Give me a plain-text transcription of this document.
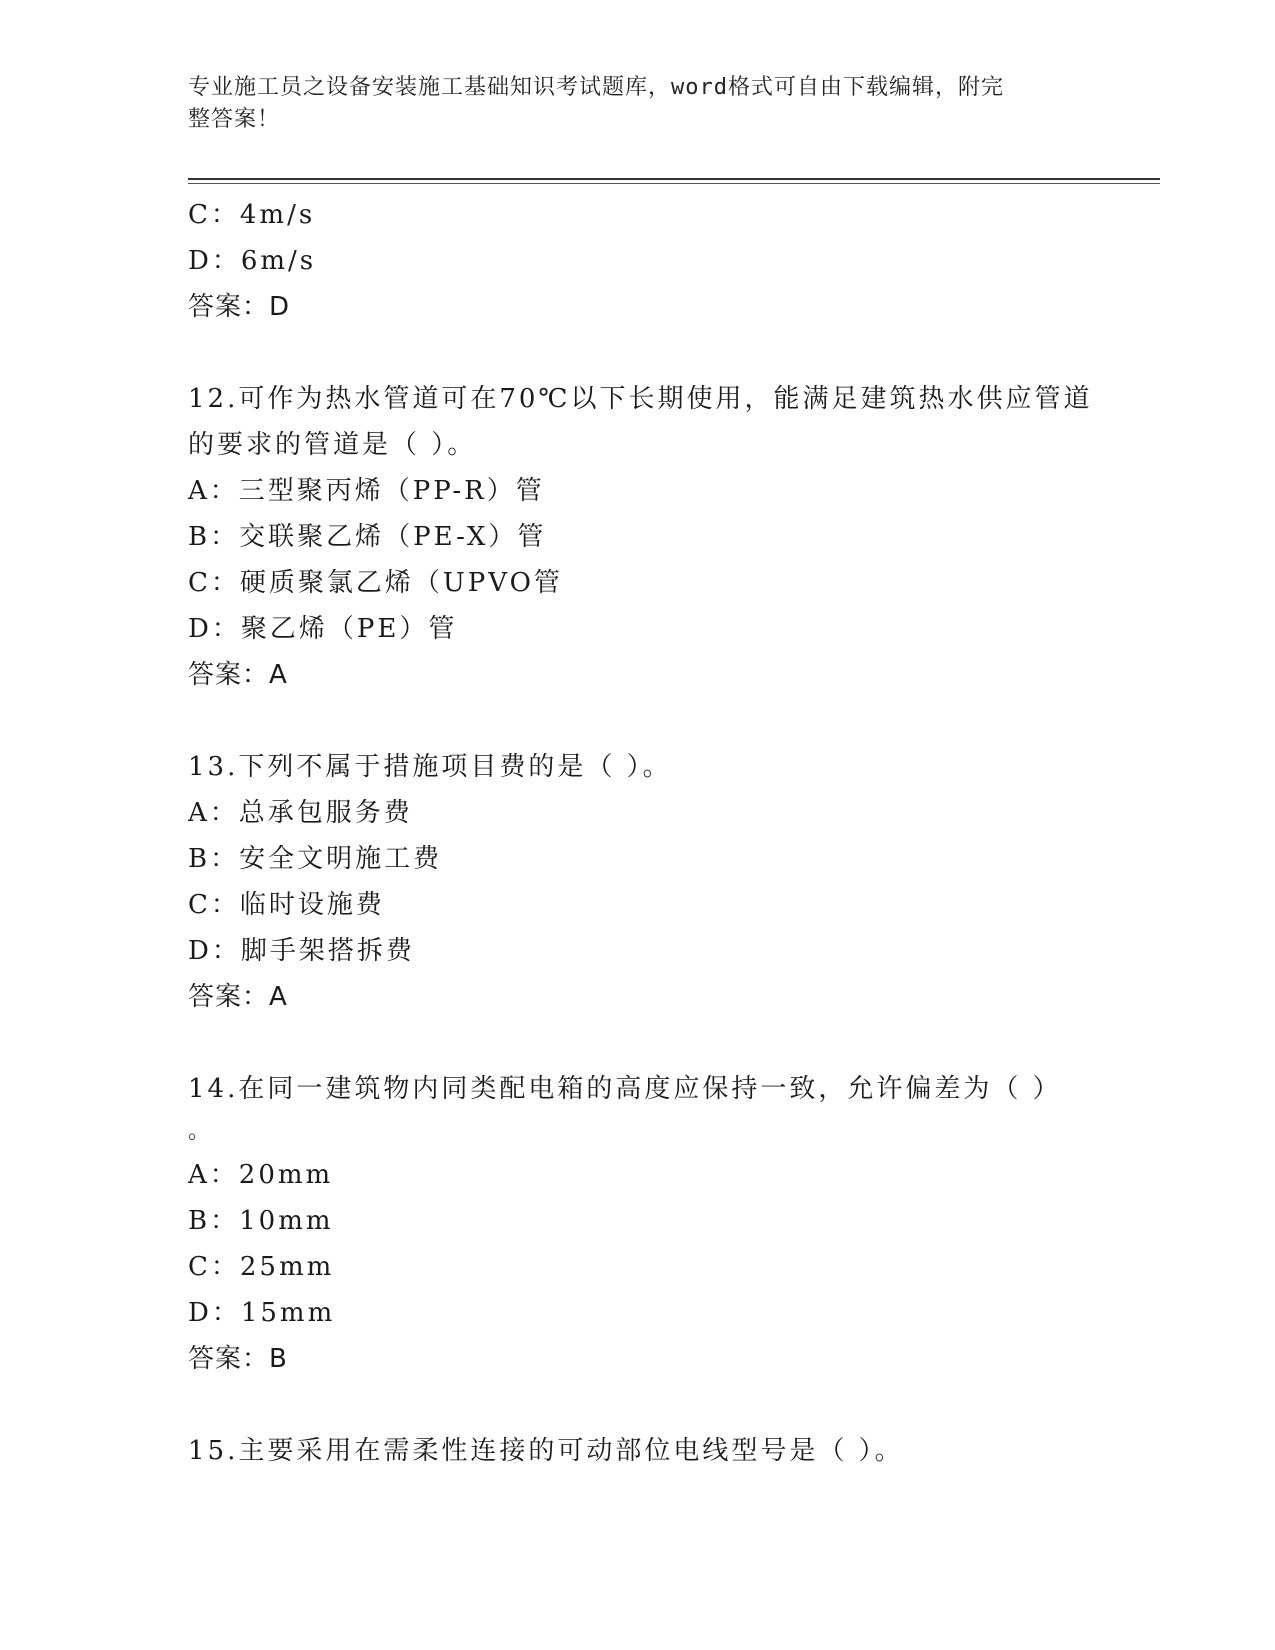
专业施工员之设备安装施工基础知识考试题库，word格式可自由下载编辑，附完
整答案！
C：4m/s
D：6m/s
答案：D
12.可作为热水管道可在70℃以下长期使用，能满足建筑热水供应管道
的要求的管道是（ ）。
A：三型聚丙烯（PP-R）管
B：交联聚乙烯（PE-X）管
C：硬质聚氯乙烯（UPVO管
D：聚乙烯（PE）管
答案：A
13.下列不属于措施项目费的是（ ）。
A：总承包服务费
B：安全文明施工费
C：临时设施费
D：脚手架搭拆费
答案：A
14.在同一建筑物内同类配电箱的高度应保持一致，允许偏差为（ ）
。
A：20mm
B：10mm
C：25mm
D：15mm
答案：B
15.主要采用在需柔性连接的可动部位电线型号是（ ）。
